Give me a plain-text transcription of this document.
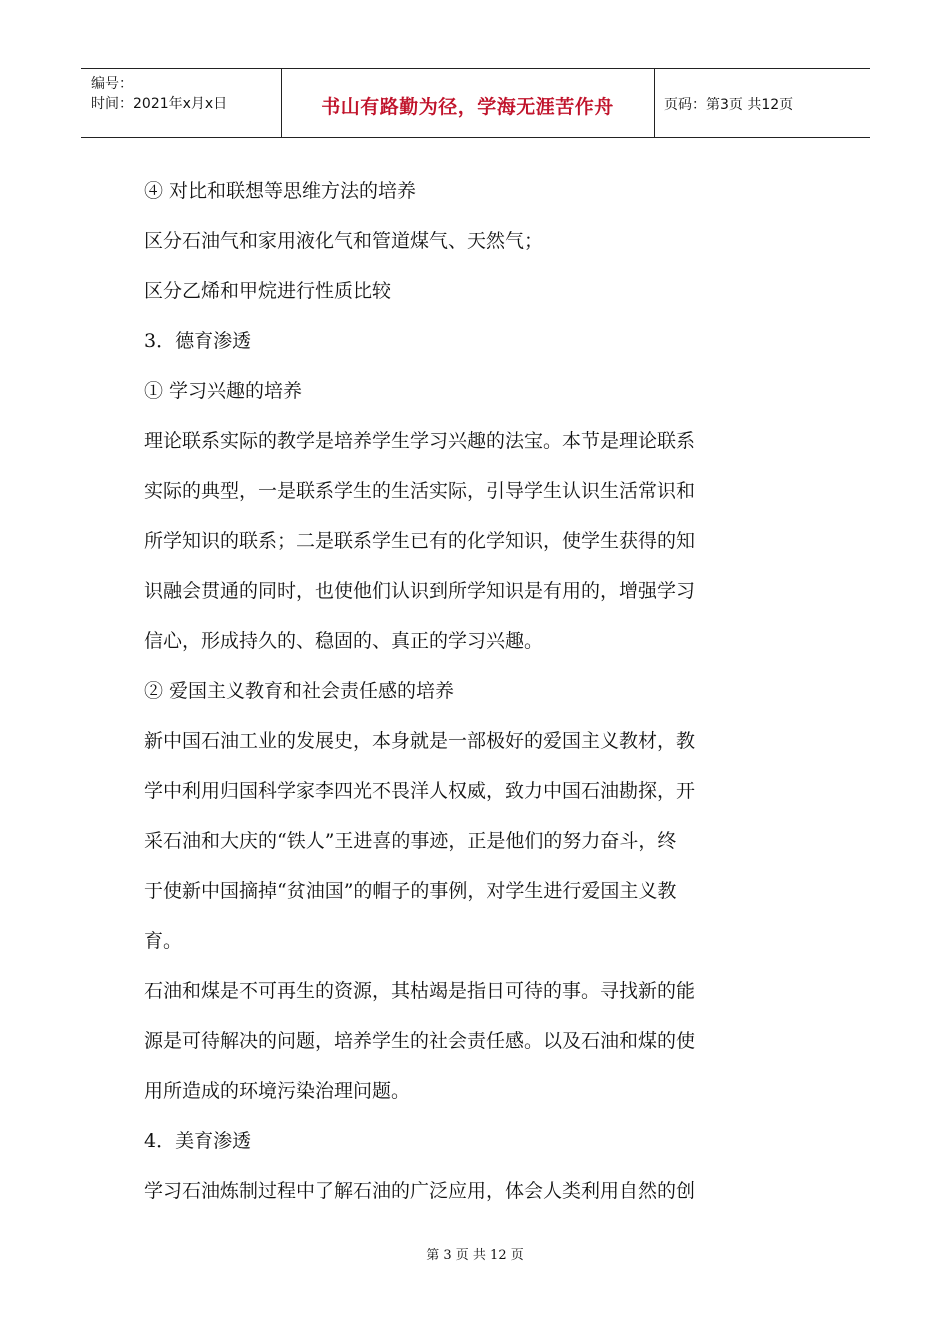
编号：
时间：2021年x月x日	书山有路勤为径，学海无涯苦作舟	页码：第3页 共12页

④ 对比和联想等思维方法的培养

区分石油气和家用液化气和管道煤气、天然气；

区分乙烯和甲烷进行性质比较

3．德育渗透

① 学习兴趣的培养

理论联系实际的教学是培养学生学习兴趣的法宝。本节是理论联系

实际的典型，一是联系学生的生活实际，引导学生认识生活常识和

所学知识的联系；二是联系学生已有的化学知识，使学生获得的知

识融会贯通的同时，也使他们认识到所学知识是有用的，增强学习

信心，形成持久的、稳固的、真正的学习兴趣。

② 爱国主义教育和社会责任感的培养

新中国石油工业的发展史，本身就是一部极好的爱国主义教材，教

学中利用归国科学家李四光不畏洋人权威，致力中国石油勘探，开

采石油和大庆的“铁人”王进喜的事迹，正是他们的努力奋斗，终

于使新中国摘掉“贫油国”的帽子的事例，对学生进行爱国主义教

育。

石油和煤是不可再生的资源，其枯竭是指日可待的事。寻找新的能

源是可待解决的问题，培养学生的社会责任感。以及石油和煤的使

用所造成的环境污染治理问题。

4．美育渗透

学习石油炼制过程中了解石油的广泛应用，体会人类利用自然的创

第 3 页 共 12 页
